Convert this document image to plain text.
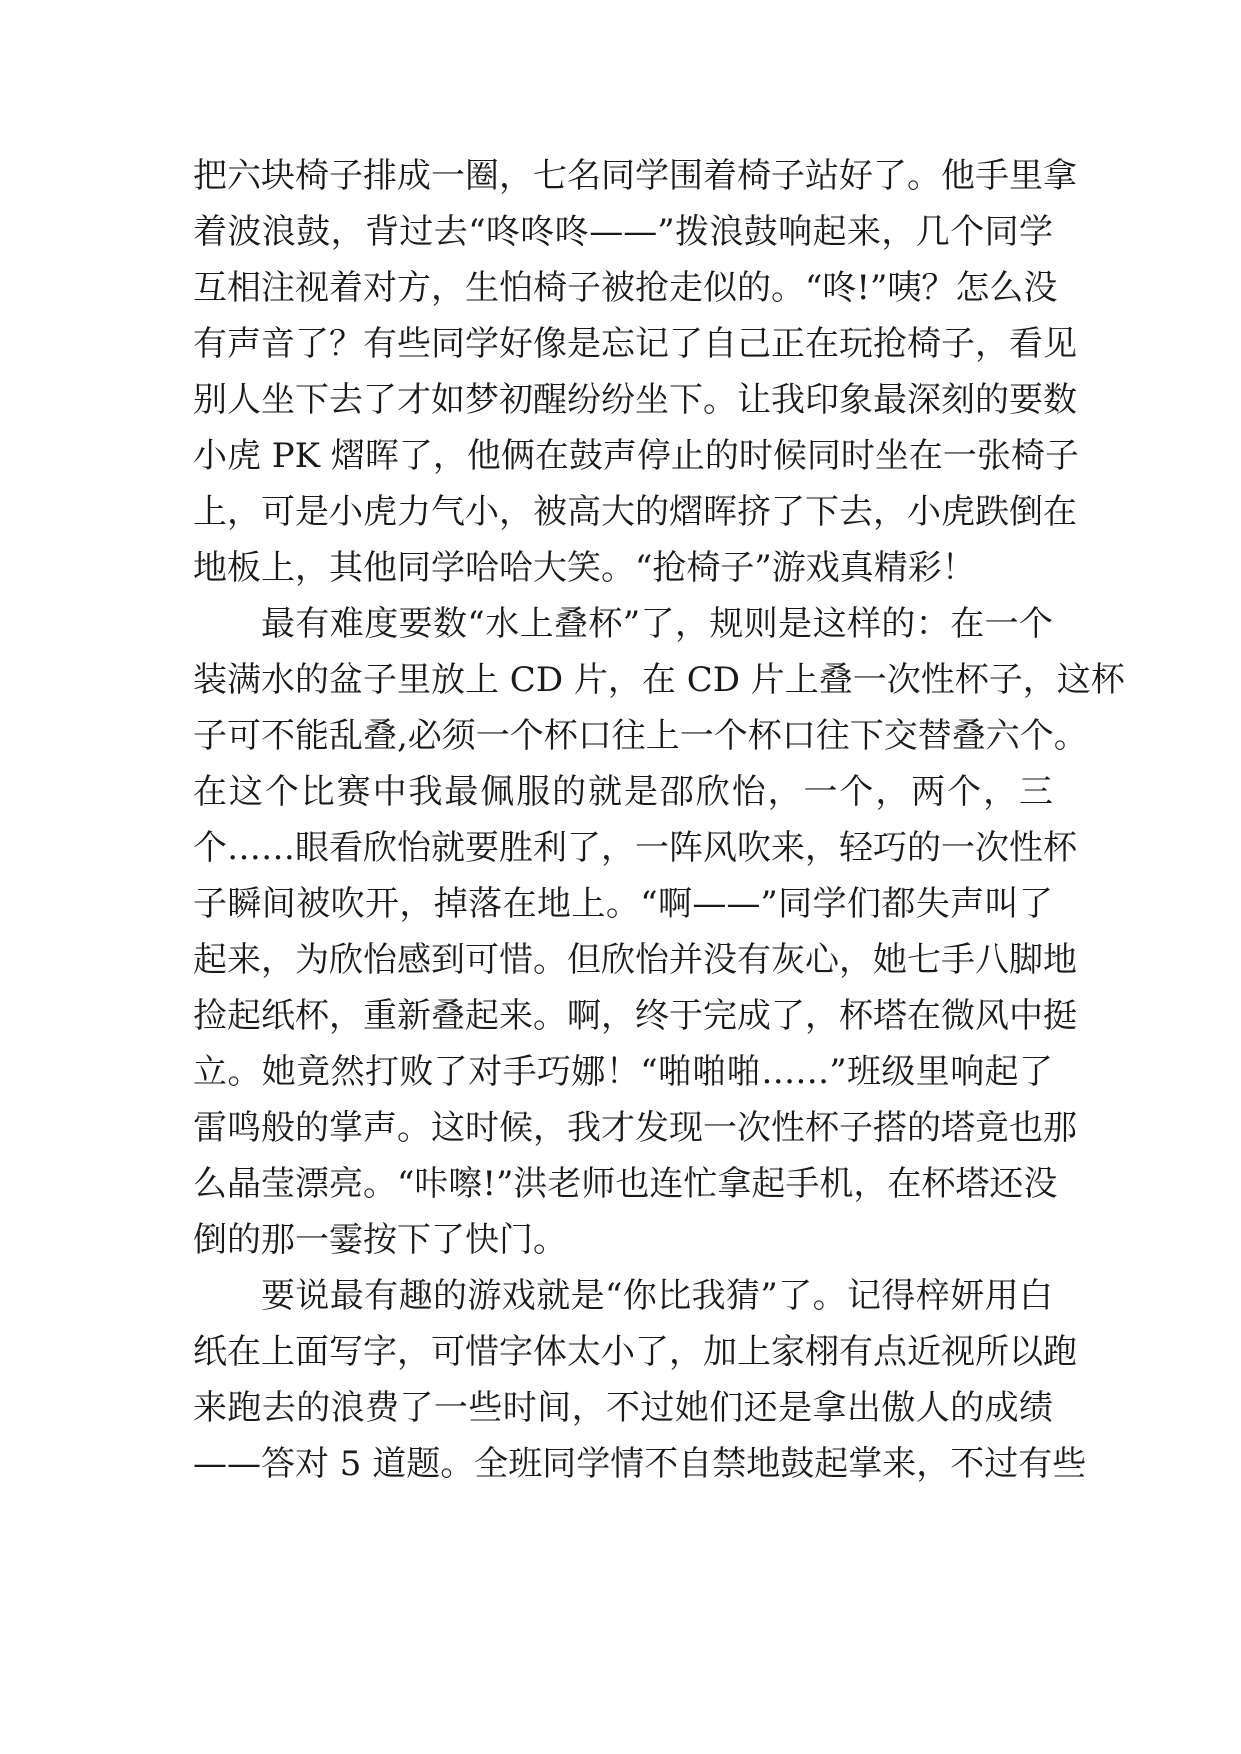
把六块椅子排成一圈，七名同学围着椅子站好了。他手里拿
着波浪鼓，背过去“咚咚咚——”拨浪鼓响起来，几个同学
互相注视着对方，生怕椅子被抢走似的。“咚!”咦？怎么没
有声音了？有些同学好像是忘记了自己正在玩抢椅子，看见
别人坐下去了才如梦初醒纷纷坐下。让我印象最深刻的要数
小虎 PK 熠晖了，他俩在鼓声停止的时候同时坐在一张椅子
上，可是小虎力气小，被高大的熠晖挤了下去，小虎跌倒在
地板上，其他同学哈哈大笑。“抢椅子”游戏真精彩！
最有难度要数“水上叠杯”了，规则是这样的：在一个
装满水的盆子里放上 CD 片，在 CD 片上叠一次性杯子，这杯
子可不能乱叠,必须一个杯口往上一个杯口往下交替叠六个。
在这个比赛中我最佩服的就是邵欣怡，一个，两个，三
个……眼看欣怡就要胜利了，一阵风吹来，轻巧的一次性杯
子瞬间被吹开，掉落在地上。“啊——”同学们都失声叫了
起来，为欣怡感到可惜。但欣怡并没有灰心，她七手八脚地
捡起纸杯，重新叠起来。啊，终于完成了，杯塔在微风中挺
立。她竟然打败了对手巧娜！“啪啪啪……”班级里响起了
雷鸣般的掌声。这时候，我才发现一次性杯子搭的塔竟也那
么晶莹漂亮。“咔嚓!”洪老师也连忙拿起手机，在杯塔还没
倒的那一霎按下了快门。
要说最有趣的游戏就是“你比我猜”了。记得梓妍用白
纸在上面写字，可惜字体太小了，加上家栩有点近视所以跑
来跑去的浪费了一些时间，不过她们还是拿出傲人的成绩
——答对 5 道题。全班同学情不自禁地鼓起掌来，不过有些
